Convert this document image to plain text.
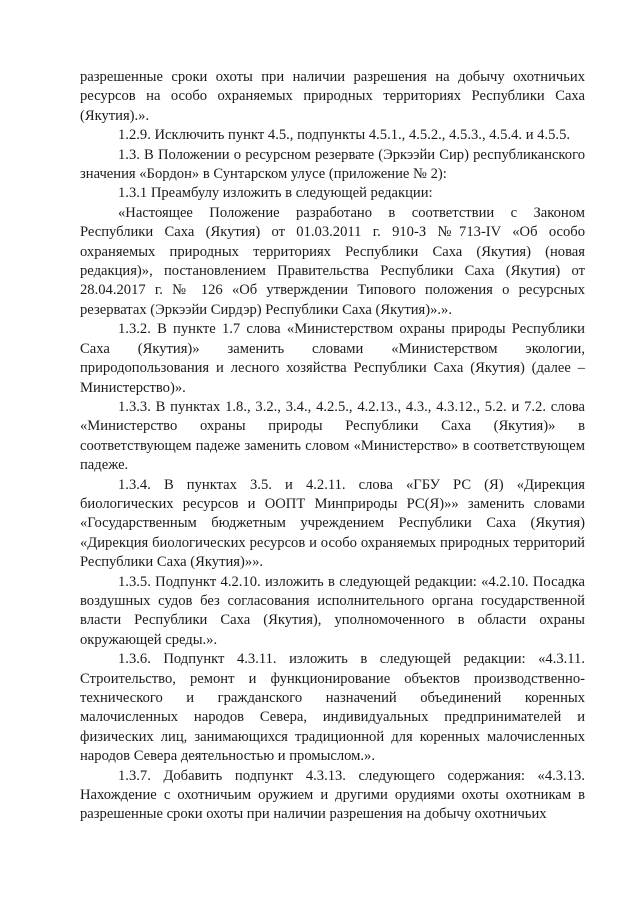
разрешенные сроки охоты при наличии разрешения на добычу охотничьих ресурсов на особо охраняемых природных территориях Республики Саха (Якутия).».

1.2.9. Исключить пункт 4.5., подпункты 4.5.1., 4.5.2., 4.5.3., 4.5.4. и 4.5.5.

1.3. В Положении о ресурсном резервате (Эркээйи Сир) республиканского значения «Бордон» в Сунтарском улусе (приложение № 2):

1.3.1 Преамбулу изложить в следующей редакции:

«Настоящее Положение разработано в соответствии с Законом Республики Саха (Якутия) от 01.03.2011 г. 910-З №713-IV «Об особо охраняемых природных территориях Республики Саха (Якутия) (новая редакция)», постановлением Правительства Республики Саха (Якутия) от 28.04.2017 г. № 126 «Об утверждении Типового положения о ресурсных резерватах (Эркээйи Сирдэр) Республики Саха (Якутия)».».

1.3.2. В пункте 1.7 слова «Министерством охраны природы Республики Саха (Якутия)» заменить словами «Министерством экологии, природопользования и лесного хозяйства Республики Саха (Якутия) (далее – Министерство)».

1.3.3. В пунктах 1.8., 3.2., 3.4., 4.2.5., 4.2.13., 4.3., 4.3.12., 5.2. и 7.2. слова «Министерство охраны природы Республики Саха (Якутия)» в соответствующем падеже заменить словом «Министерство» в соответствующем падеже.

1.3.4. В пунктах 3.5. и 4.2.11. слова «ГБУ РС (Я) «Дирекция биологических ресурсов и ООПТ Минприроды РС(Я)»» заменить словами «Государственным бюджетным учреждением Республики Саха (Якутия) «Дирекция биологических ресурсов и особо охраняемых природных территорий Республики Саха (Якутия)»».

1.3.5. Подпункт 4.2.10. изложить в следующей редакции: «4.2.10. Посадка воздушных судов без согласования исполнительного органа государственной власти Республики Саха (Якутия), уполномоченного в области охраны окружающей среды.».

1.3.6. Подпункт 4.3.11. изложить в следующей редакции: «4.3.11. Строительство, ремонт и функционирование объектов производственно-технического и гражданского назначений объединений коренных малочисленных народов Севера, индивидуальных предпринимателей и физических лиц, занимающихся традиционной для коренных малочисленных народов Севера деятельностью и промыслом.».

1.3.7. Добавить подпункт 4.3.13. следующего содержания: «4.3.13. Нахождение с охотничьим оружием и другими орудиями охоты охотникам в разрешенные сроки охоты при наличии разрешения на добычу охотничьих
